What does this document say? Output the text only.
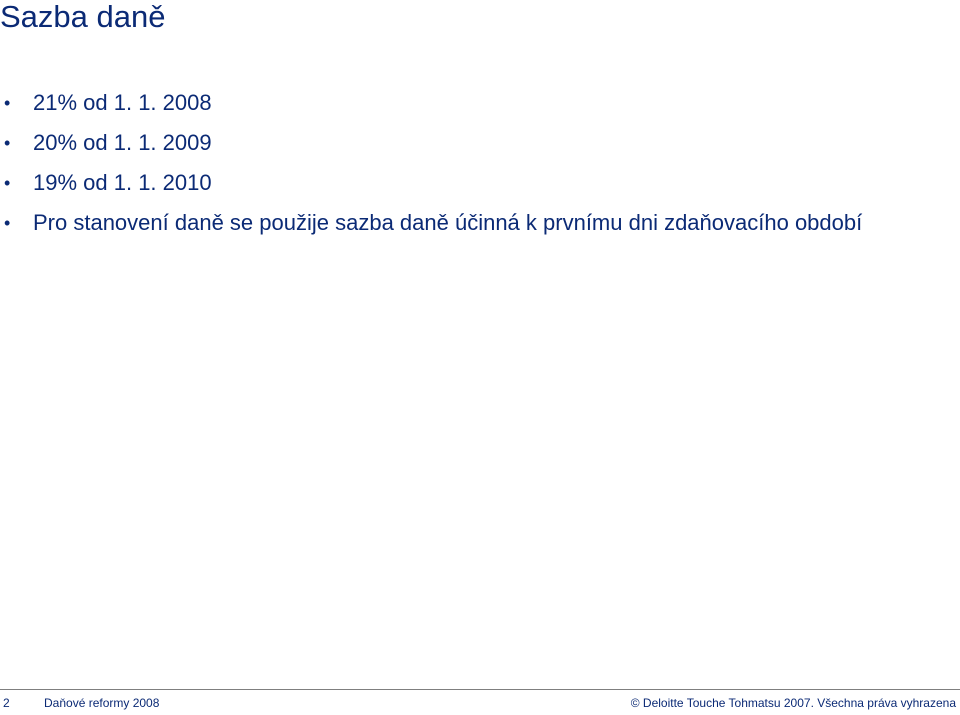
Sazba daně
• 21% od 1. 1. 2008
• 20% od 1. 1. 2009
• 19% od 1. 1. 2010
• Pro stanovení daně se použije sazba daně účinná k prvnímu dni zdaňovacího období
2	Daňové reformy 2008	© Deloitte Touche Tohmatsu 2007. Všechna práva vyhrazena
